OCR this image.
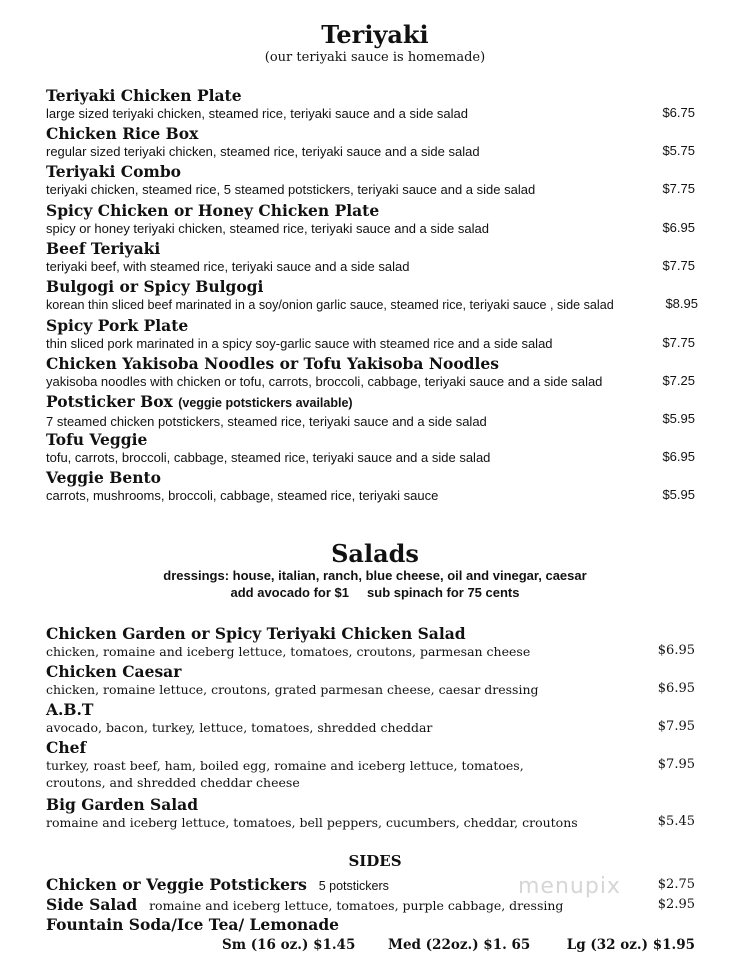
Teriyaki
(our teriyaki sauce is homemade)
Teriyaki Chicken Plate
large sized teriyaki chicken, steamed rice, teriyaki sauce and a side salad	$6.75
Chicken Rice Box
regular sized teriyaki chicken, steamed rice, teriyaki sauce and a side salad	$5.75
Teriyaki Combo
teriyaki chicken, steamed rice, 5 steamed potstickers, teriyaki sauce and a side salad	$7.75
Spicy Chicken or Honey Chicken Plate
spicy or honey teriyaki chicken, steamed rice, teriyaki sauce and a side salad	$6.95
Beef Teriyaki
teriyaki beef, with steamed rice, teriyaki sauce and a side salad	$7.75
Bulgogi or Spicy Bulgogi
korean thin sliced beef marinated in a soy/onion garlic sauce, steamed rice, teriyaki sauce , side salad	$8.95
Spicy Pork Plate
thin sliced pork marinated in a spicy soy-garlic sauce with steamed rice and a side salad	$7.75
Chicken Yakisoba Noodles or Tofu Yakisoba Noodles
yakisoba noodles with chicken or tofu, carrots, broccoli, cabbage, teriyaki sauce and a side salad	$7.25
Potsticker Box (veggie potstickers available)
7 steamed chicken potstickers, steamed rice, teriyaki sauce and a side salad	$5.95
Tofu Veggie
tofu, carrots, broccoli, cabbage, steamed rice, teriyaki sauce and a side salad	$6.95
Veggie Bento
carrots, mushrooms, broccoli, cabbage, steamed rice, teriyaki sauce	$5.95
Salads
dressings: house, italian, ranch, blue cheese, oil and vinegar, caesar
add avocado for $1     sub spinach for 75 cents
Chicken Garden or Spicy Teriyaki Chicken Salad
chicken, romaine and iceberg lettuce, tomatoes, croutons, parmesan cheese	$6.95
Chicken Caesar
chicken, romaine lettuce, croutons, grated parmesan cheese, caesar dressing	$6.95
A.B.T
avocado, bacon, turkey, lettuce, tomatoes, shredded cheddar	$7.95
Chef
turkey, roast beef, ham, boiled egg, romaine and iceberg lettuce, tomatoes, croutons, and shredded cheddar cheese
$7.95
Big Garden Salad
romaine and iceberg lettuce, tomatoes, bell peppers, cucumbers, cheddar, croutons	$5.45
SIDES
Chicken or Veggie Potstickers 5 potstickers	$2.75
Side Salad romaine and iceberg lettuce, tomatoes, purple cabbage, dressing	$2.95
Fountain Soda/Ice Tea/ Lemonade
Sm (16 oz.) $1.45 Med (22oz.) $1. 65	Lg (32 oz.) $1.95
menupix
